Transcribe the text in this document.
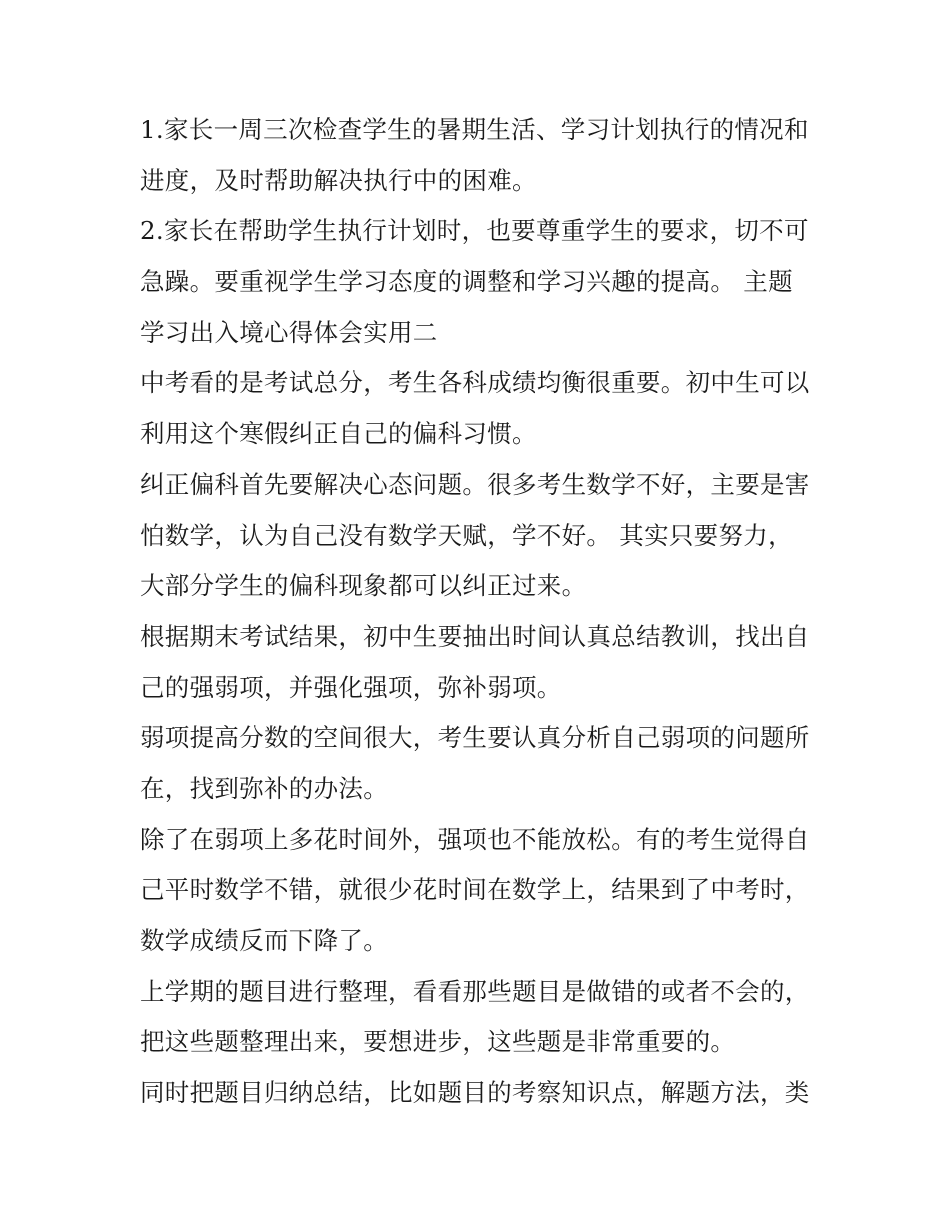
1.家长一周三次检查学生的暑期生活、学习计划执行的情况和
进度，及时帮助解决执行中的困难。
2.家长在帮助学生执行计划时，也要尊重学生的要求，切不可
急躁。要重视学生学习态度的调整和学习兴趣的提高。 主题
学习出入境心得体会实用二
中考看的是考试总分，考生各科成绩均衡很重要。初中生可以
利用这个寒假纠正自己的偏科习惯。
纠正偏科首先要解决心态问题。很多考生数学不好，主要是害
怕数学，认为自己没有数学天赋，学不好。 其实只要努力，
大部分学生的偏科现象都可以纠正过来。
根据期末考试结果，初中生要抽出时间认真总结教训，找出自
己的强弱项，并强化强项，弥补弱项。
弱项提高分数的空间很大，考生要认真分析自己弱项的问题所
在，找到弥补的办法。
除了在弱项上多花时间外，强项也不能放松。有的考生觉得自
己平时数学不错，就很少花时间在数学上，结果到了中考时，
数学成绩反而下降了。
上学期的题目进行整理，看看那些题目是做错的或者不会的，
把这些题整理出来，要想进步，这些题是非常重要的。
同时把题目归纳总结，比如题目的考察知识点，解题方法，类
